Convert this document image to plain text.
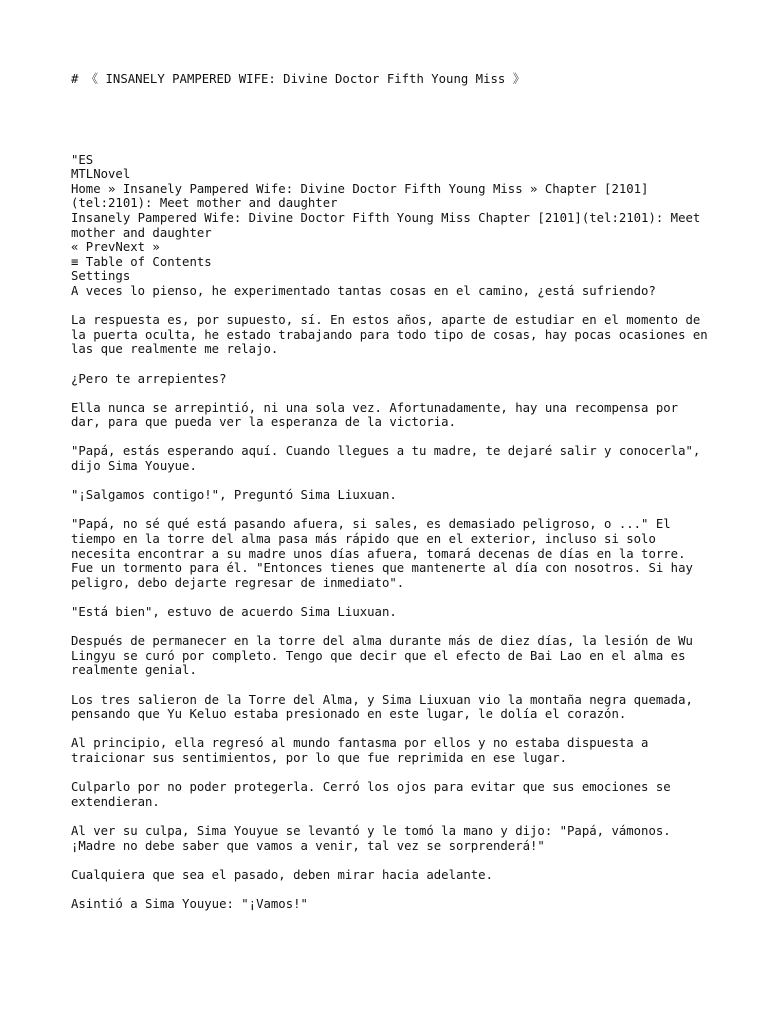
# 《 INSANELY PAMPERED WIFE: Divine Doctor Fifth Young Miss 》
"ES
MTLNovel
Home » Insanely Pampered Wife: Divine Doctor Fifth Young Miss » Chapter [2101](tel:2101): Meet mother and daughter
Insanely Pampered Wife: Divine Doctor Fifth Young Miss Chapter [2101](tel:2101): Meet mother and daughter
« PrevNext »
≡ Table of Contents
Settings

A veces lo pienso, he experimentado tantas cosas en el camino, ¿está sufriendo?

La respuesta es, por supuesto, sí. En estos años, aparte de estudiar en el momento de la puerta oculta, he estado trabajando para todo tipo de cosas, hay pocas ocasiones en las que realmente me relajo.

¿Pero te arrepientes?

Ella nunca se arrepintió, ni una sola vez. Afortunadamente, hay una recompensa por dar, para que pueda ver la esperanza de la victoria.

"Papá, estás esperando aquí. Cuando llegues a tu madre, te dejaré salir y conocerla", dijo Sima Youyue.

"¡Salgamos contigo!", Preguntó Sima Liuxuan.

"Papá, no sé qué está pasando afuera, si sales, es demasiado peligroso, o ..." El tiempo en la torre del alma pasa más rápido que en el exterior, incluso si solo necesita encontrar a su madre unos días afuera, tomará decenas de días en la torre. Fue un tormento para él. "Entonces tienes que mantenerte al día con nosotros. Si hay peligro, debo dejarte regresar de inmediato".

"Está bien", estuvo de acuerdo Sima Liuxuan.

Después de permanecer en la torre del alma durante más de diez días, la lesión de Wu Lingyu se curó por completo. Tengo que decir que el efecto de Bai Lao en el alma es realmente genial.

Los tres salieron de la Torre del Alma, y Sima Liuxuan vio la montaña negra quemada, pensando que Yu Keluo estaba presionado en este lugar, le dolía el corazón.

Al principio, ella regresó al mundo fantasma por ellos y no estaba dispuesta a traicionar sus sentimientos, por lo que fue reprimida en ese lugar.

Culparlo por no poder protegerla. Cerró los ojos para evitar que sus emociones se extendieran.

Al ver su culpa, Sima Youyue se levantó y le tomó la mano y dijo: "Papá, vámonos. ¡Madre no debe saber que vamos a venir, tal vez se sorprenderá!"

Cualquiera que sea el pasado, deben mirar hacia adelante.

Asintió a Sima Youyue: "¡Vamos!"
